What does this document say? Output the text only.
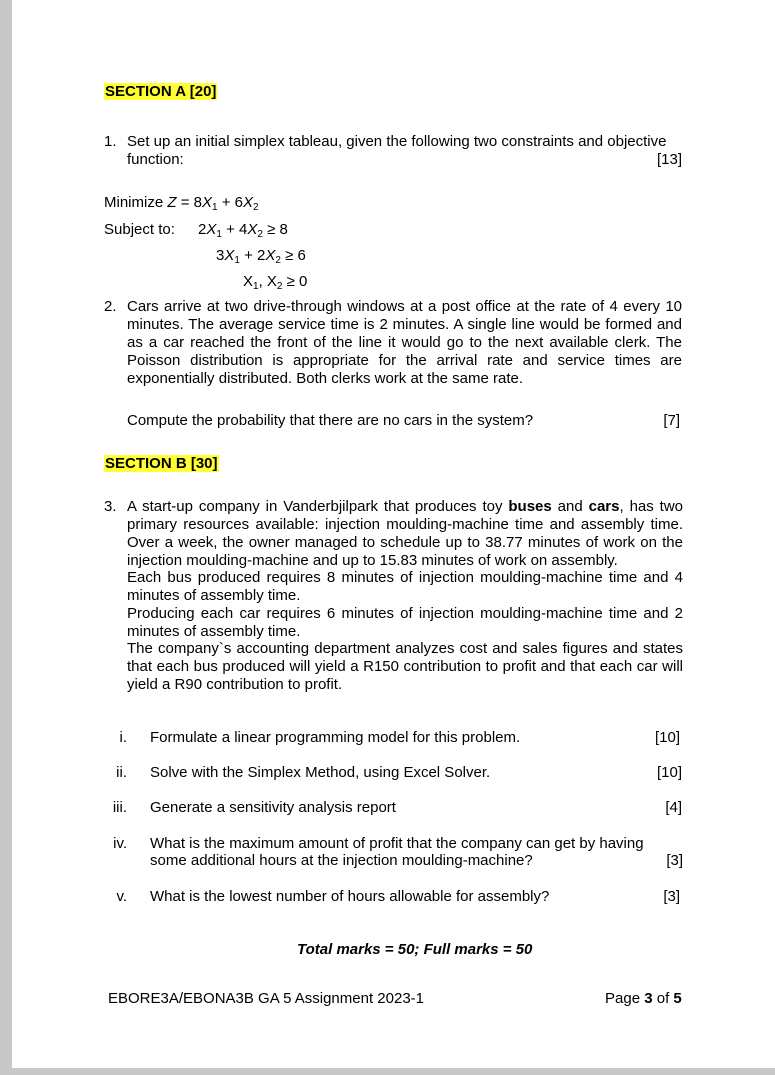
SECTION A [20]
1. Set up an initial simplex tableau, given the following two constraints and objective
function:	[13]
Minimize $Z = 8X_1 + 6X_2$
Subject to: $2X_1 + 4X_2 \ge 8$
$3X_1 + 2X_2 \ge 6$
$X_1$, $X_2 \ge 0$
2. Cars arrive at two drive-through windows at a post office at the rate of 4 every 10 minutes. The average service time is 2 minutes. A single line would be formed and as a car reached the front of the line it would go to the next available clerk. The Poisson distribution is appropriate for the arrival rate and service times are exponentially distributed. Both clerks work at the same rate.
Compute the probability that there are no cars in the system?	[7]
SECTION B [30]
3. A start-up company in Vanderbjilpark that produces toy buses and cars, has two primary resources available: injection moulding-machine time and assembly time. Over a week, the owner managed to schedule up to 38.77 minutes of work on the injection moulding-machine and up to 15.83 minutes of work on assembly.
Each bus produced requires 8 minutes of injection moulding-machine time and 4 minutes of assembly time.
Producing each car requires 6 minutes of injection moulding-machine time and 2 minutes of assembly time.
The company`s accounting department analyzes cost and sales figures and states that each bus produced will yield a R150 contribution to profit and that each car will yield a R90 contribution to profit.
i. Formulate a linear programming model for this problem.	[10]
ii. Solve with the Simplex Method, using Excel Solver.	[10]
iii. Generate a sensitivity analysis report	[4]
iv. What is the maximum amount of profit that the company can get by having
some additional hours at the injection moulding-machine?	[3]
v. What is the lowest number of hours allowable for assembly?	[3]
Total marks = 50; Full marks = 50
EBORE3A/EBONA3B GA 5 Assignment 2023-1	Page 3 of 5
